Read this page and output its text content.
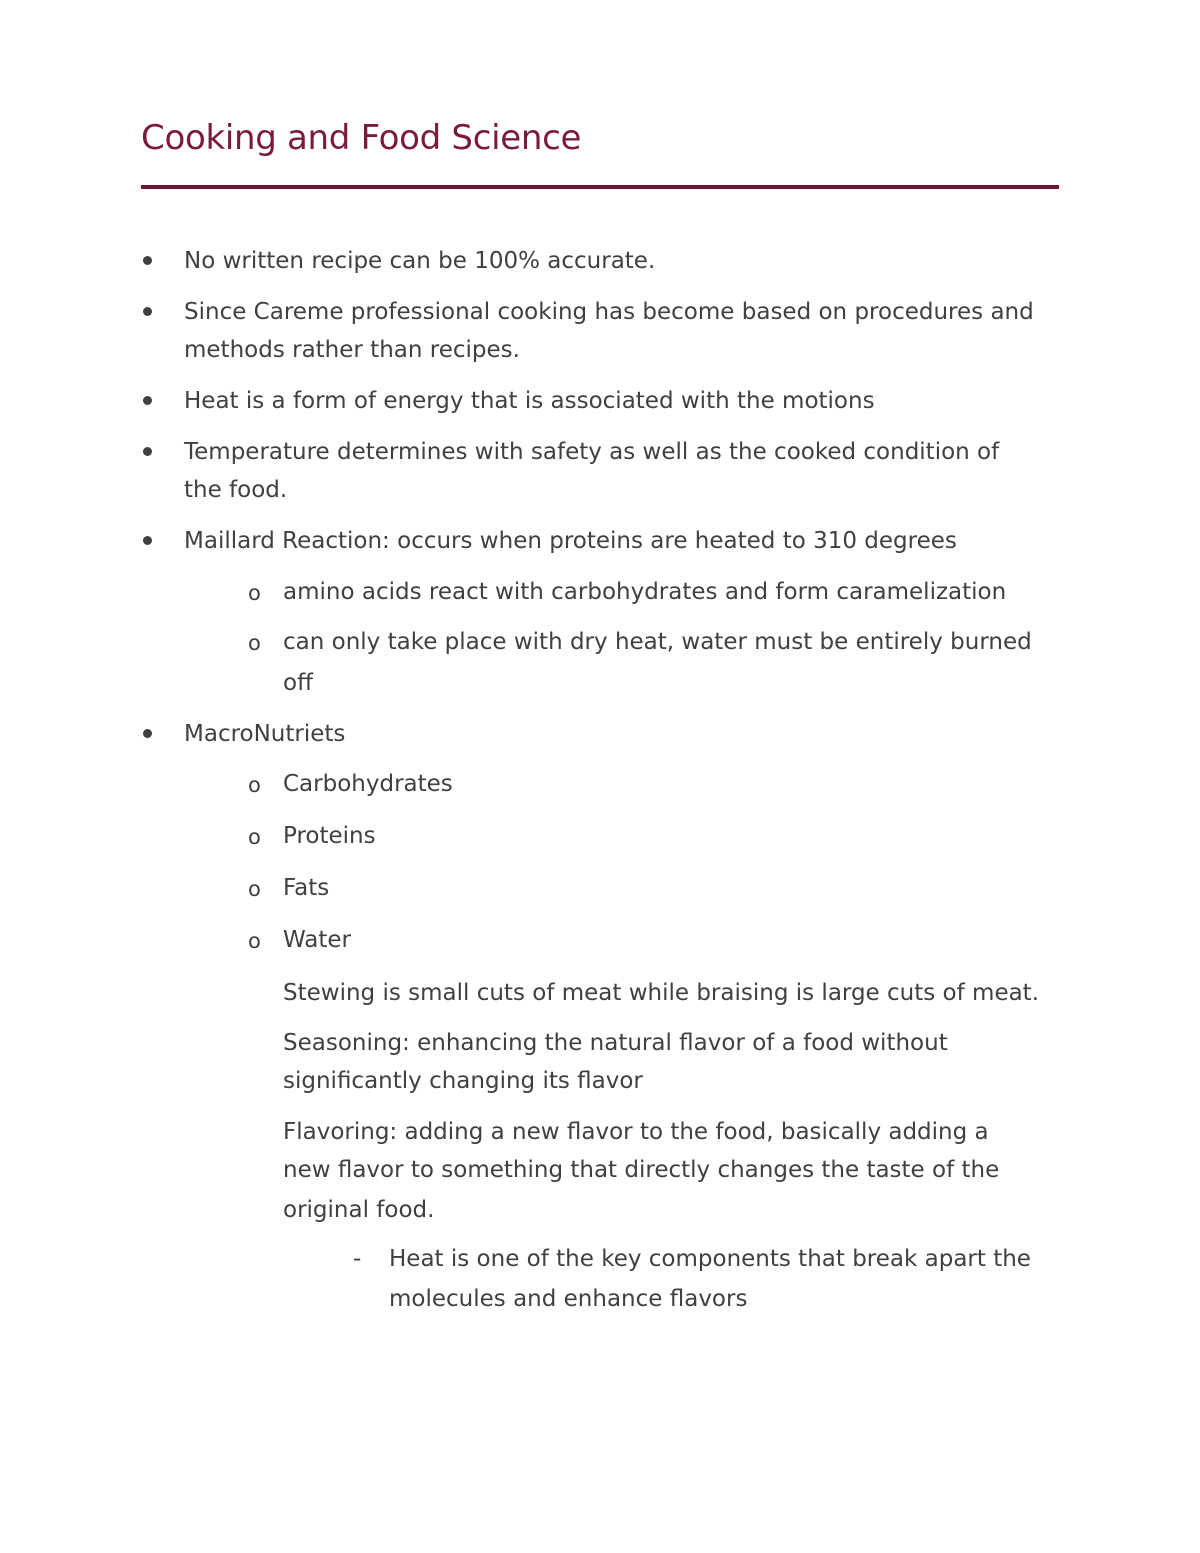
Cooking and Food Science
No written recipe can be 100% accurate.
Since Careme professional cooking has become based on procedures and
methods rather than recipes.
Heat is a form of energy that is associated with the motions
Temperature determines with safety as well as the cooked condition of
the food.
Maillard Reaction: occurs when proteins are heated to 310 degrees
o amino acids react with carbohydrates and form caramelization
o can only take place with dry heat, water must be entirely burned
off
MacroNutriets
o Carbohydrates
o Proteins
o Fats
o Water
Stewing is small cuts of meat while braising is large cuts of meat.
Seasoning: enhancing the natural flavor of a food without
significantly changing its flavor
Flavoring: adding a new flavor to the food, basically adding a
new flavor to something that directly changes the taste of the
original food.
- Heat is one of the key components that break apart the
molecules and enhance flavors
